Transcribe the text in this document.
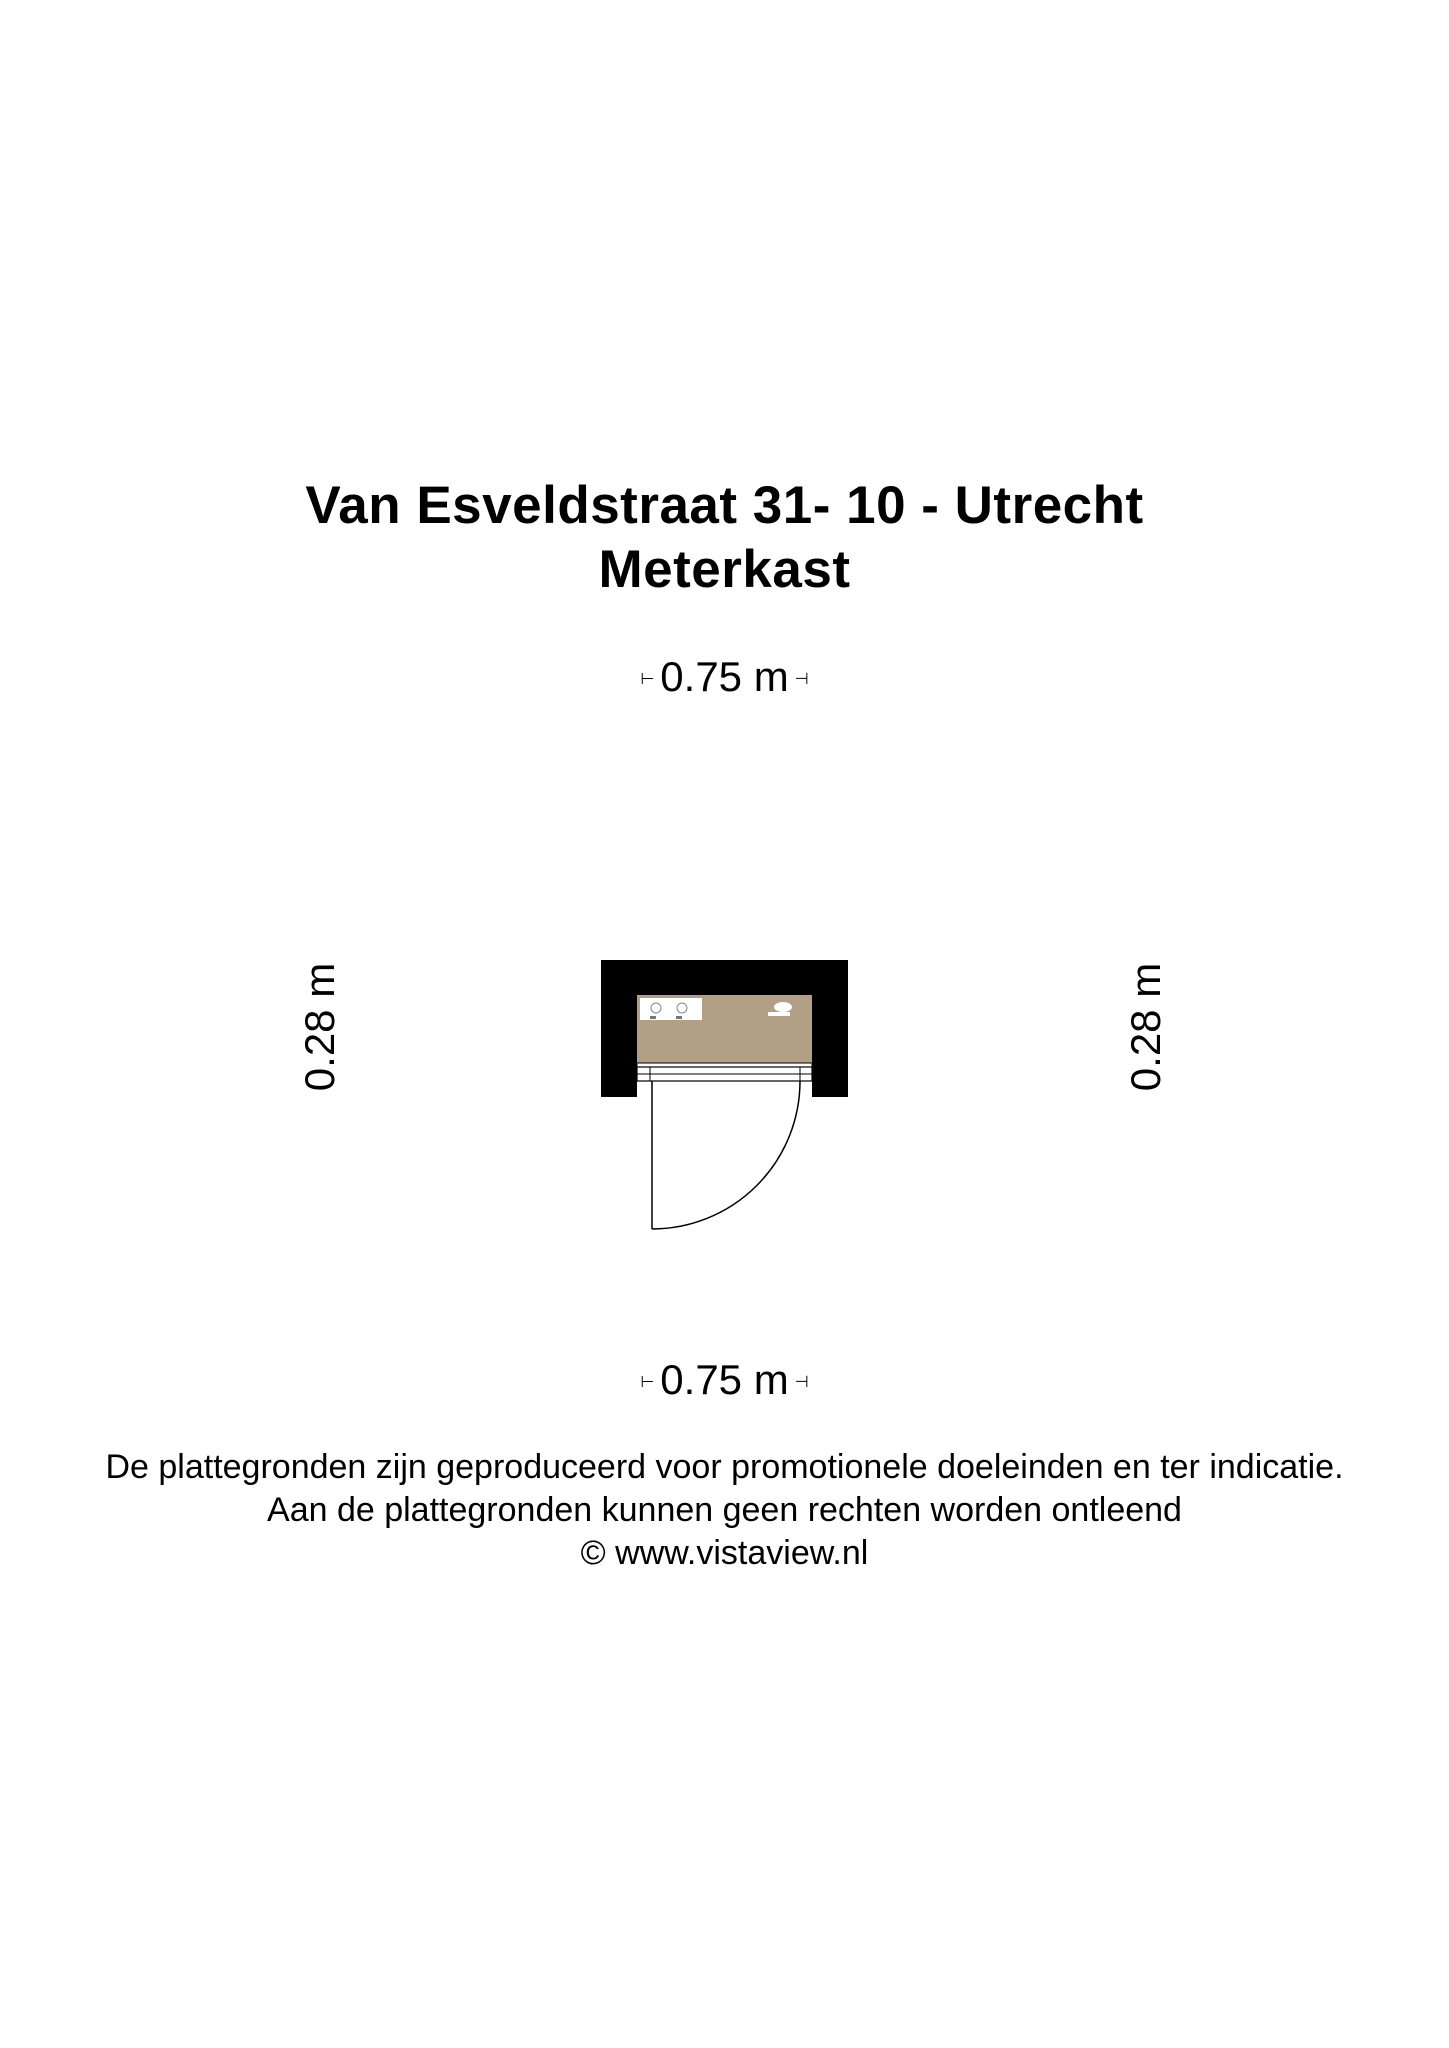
Van Esveldstraat 31- 10 - Utrecht
Meterkast
⊢ 0.75 m ⊣
0.28 m	0.28 m
⊢ 0.75 m ⊣
De plattegronden zijn geproduceerd voor promotionele doeleinden en ter indicatie.
Aan de plattegronden kunnen geen rechten worden ontleend
© www.vistaview.nl
